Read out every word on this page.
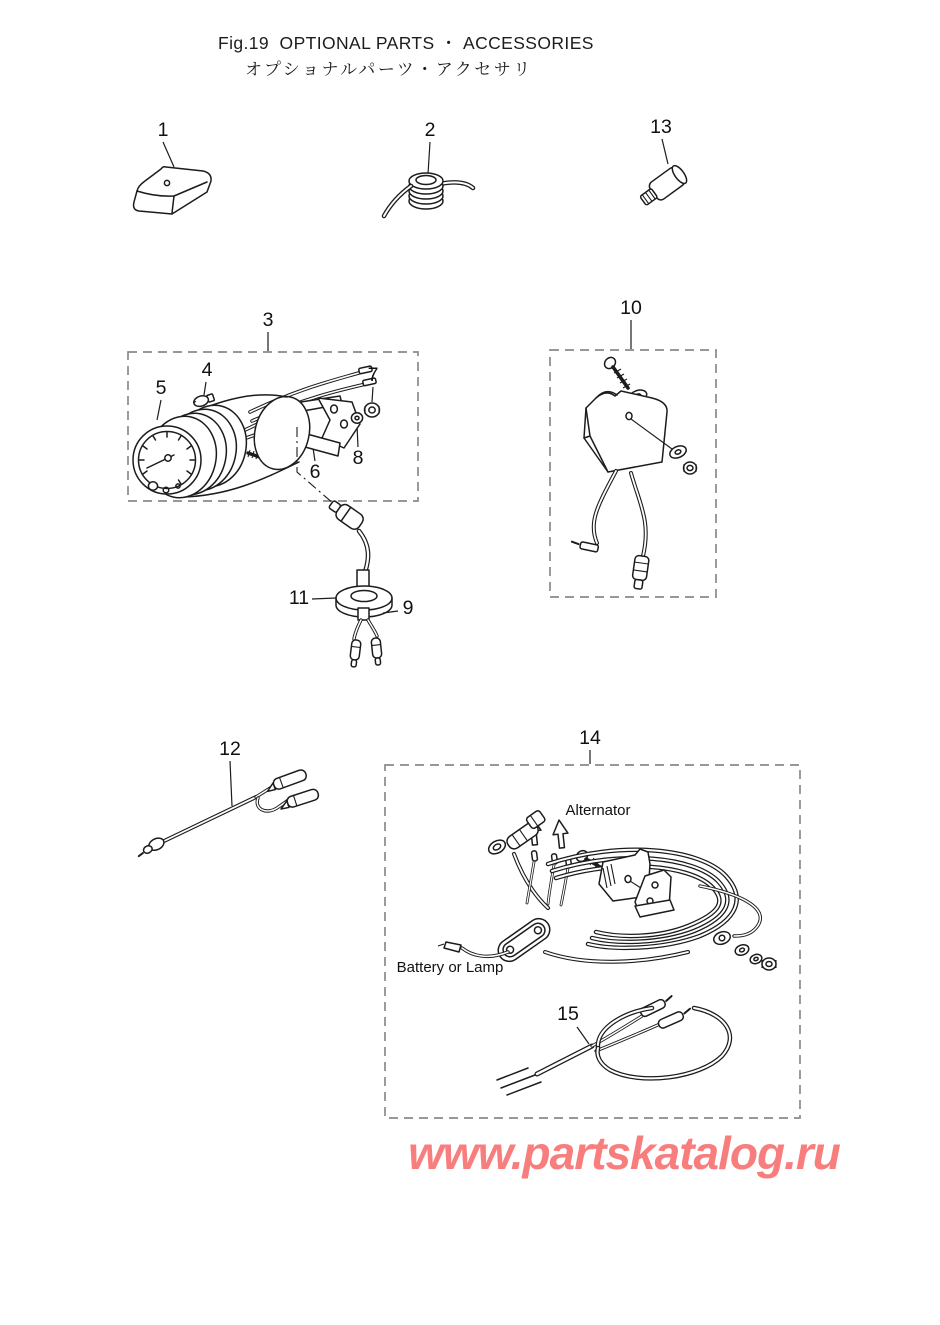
Fig.19  OPTIONAL PARTS ・ ACCESSORIES
オプショナルパーツ・アクセサリ
1	2	13
3
4
5
7
8
6
10
11	9
12	14
15
Alternator
Battery or Lamp
www.partskatalog.ru
